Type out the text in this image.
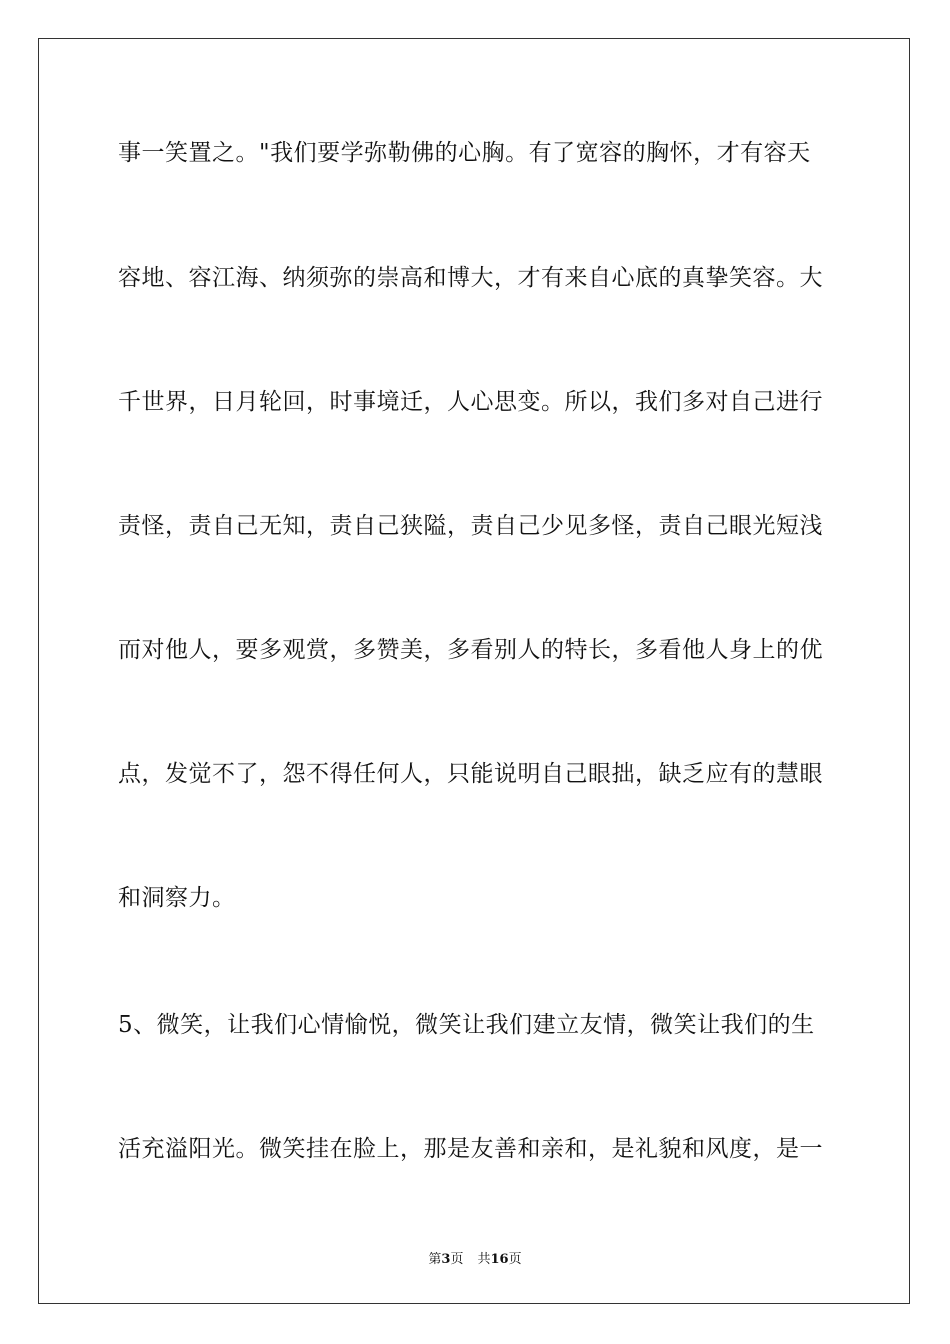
事一笑置之。"我们要学弥勒佛的心胸。有了宽容的胸怀，才有容天
容地、容江海、纳须弥的崇高和博大，才有来自心底的真挚笑容。大
千世界，日月轮回，时事境迁，人心思变。所以，我们多对自己进行
责怪，责自己无知，责自己狭隘，责自己少见多怪，责自己眼光短浅
而对他人，要多观赏，多赞美，多看别人的特长，多看他人身上的优
点，发觉不了，怨不得任何人，只能说明自己眼拙，缺乏应有的慧眼
和洞察力。
5、微笑，让我们心情愉悦，微笑让我们建立友情，微笑让我们的生
活充溢阳光。微笑挂在脸上，那是友善和亲和，是礼貌和风度，是一
第3页 共16页
